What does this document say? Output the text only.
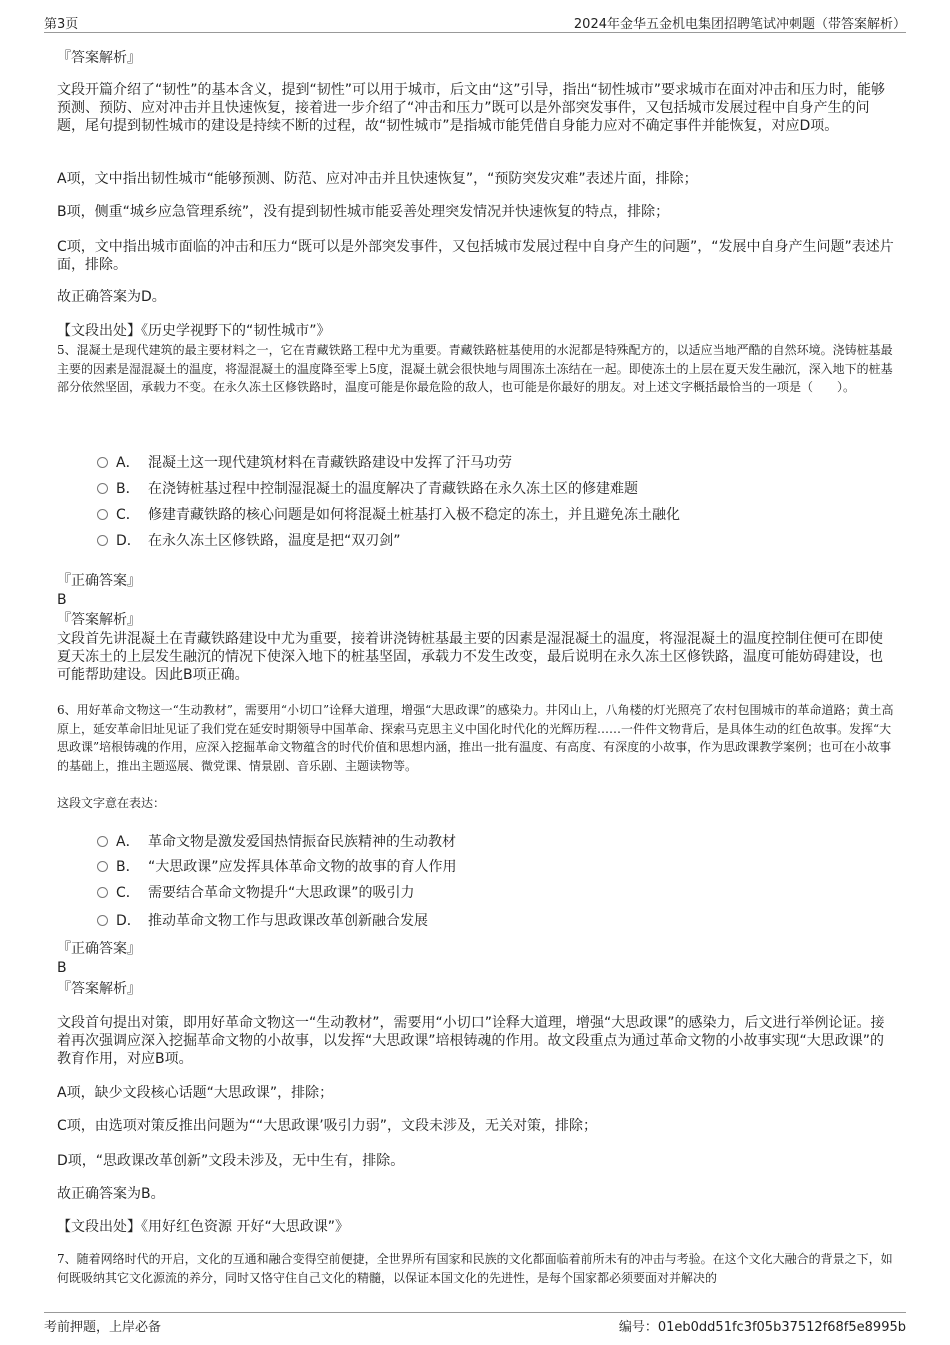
第3页	2024年金华五金机电集团招聘笔试冲刺题（带答案解析）

『答案解析』

文段开篇介绍了“韧性”的基本含义，提到“韧性”可以用于城市，后文由“这”引导，指出“韧性城市”要求城市在面对冲击和压力时，能够预测、预防、应对冲击并且快速恢复，接着进一步介绍了“冲击和压力”既可以是外部突发事件，又包括城市发展过程中自身产生的问题，尾句提到韧性城市的建设是持续不断的过程，故“韧性城市”是指城市能凭借自身能力应对不确定事件并能恢复，对应D项。

A项，文中指出韧性城市“能够预测、防范、应对冲击并且快速恢复”，“预防突发灾难”表述片面，排除；

B项，侧重“城乡应急管理系统”，没有提到韧性城市能妥善处理突发情况并快速恢复的特点，排除；

C项，文中指出城市面临的冲击和压力“既可以是外部突发事件，又包括城市发展过程中自身产生的问题”，“发展中自身产生问题”表述片面，排除。

故正确答案为D。

【文段出处】《历史学视野下的“韧性城市”》

5、混凝土是现代建筑的最主要材料之一，它在青藏铁路工程中尤为重要。青藏铁路桩基使用的水泥都是特殊配方的，以适应当地严酷的自然环境。浇铸桩基最主要的因素是湿混凝土的温度，将湿混凝土的温度降至零上5度，混凝土就会很快地与周围冻土冻结在一起。即使冻土的上层在夏天发生融沉，深入地下的桩基部分依然坚固，承载力不变。在永久冻土区修铁路时，温度可能是你最危险的敌人，也可能是你最好的朋友。对上述文字概括最恰当的一项是（　　）。

A． 混凝土这一现代建筑材料在青藏铁路建设中发挥了汗马功劳
B． 在浇铸桩基过程中控制湿混凝土的温度解决了青藏铁路在永久冻土区的修建难题
C． 修建青藏铁路的核心问题是如何将混凝土桩基打入极不稳定的冻土，并且避免冻土融化
D． 在永久冻土区修铁路，温度是把“双刃剑”

『正确答案』

B

『答案解析』

文段首先讲混凝土在青藏铁路建设中尤为重要，接着讲浇铸桩基最主要的因素是湿混凝土的温度，将湿混凝土的温度控制住便可在即使夏天冻土的上层发生融沉的情况下使深入地下的桩基坚固，承载力不发生改变，最后说明在永久冻土区修铁路，温度可能妨碍建设，也可能帮助建设。因此B项正确。

6、用好革命文物这一“生动教材”，需要用“小切口”诠释大道理，增强“大思政课”的感染力。井冈山上，八角楼的灯光照亮了农村包围城市的革命道路；黄土高原上，延安革命旧址见证了我们党在延安时期领导中国革命、探索马克思主义中国化时代化的光辉历程……一件件文物背后，是具体生动的红色故事。发挥“大思政课”培根铸魂的作用，应深入挖掘革命文物蕴含的时代价值和思想内涵，推出一批有温度、有高度、有深度的小故事，作为思政课教学案例；也可在小故事的基础上，推出主题巡展、微党课、情景剧、音乐剧、主题读物等。

这段文字意在表达：

A． 革命文物是激发爱国热情振奋民族精神的生动教材
B． “大思政课”应发挥具体革命文物的故事的育人作用
C． 需要结合革命文物提升“大思政课”的吸引力
D． 推动革命文物工作与思政课改革创新融合发展

『正确答案』

B

『答案解析』

文段首句提出对策，即用好革命文物这一“生动教材”，需要用“小切口”诠释大道理，增强“大思政课”的感染力，后文进行举例论证。接着再次强调应深入挖掘革命文物的小故事，以发挥“大思政课”培根铸魂的作用。故文段重点为通过革命文物的小故事实现“大思政课”的教育作用，对应B项。

A项，缺少文段核心话题“大思政课”，排除；

C项，由选项对策反推出问题为““大思政课’吸引力弱”，文段未涉及，无关对策，排除；

D项，“思政课改革创新”文段未涉及，无中生有，排除。

故正确答案为B。

【文段出处】《用好红色资源 开好“大思政课”》

7、随着网络时代的开启，文化的互通和融合变得空前便捷，全世界所有国家和民族的文化都面临着前所未有的冲击与考验。在这个文化大融合的背景之下，如何既吸纳其它文化源流的养分，同时又恪守住自己文化的精髓，以保证本国文化的先进性，是每个国家都必须要面对并解决的

考前押题，上岸必备	编号：01eb0dd51fc3f05b37512f68f5e8995b
